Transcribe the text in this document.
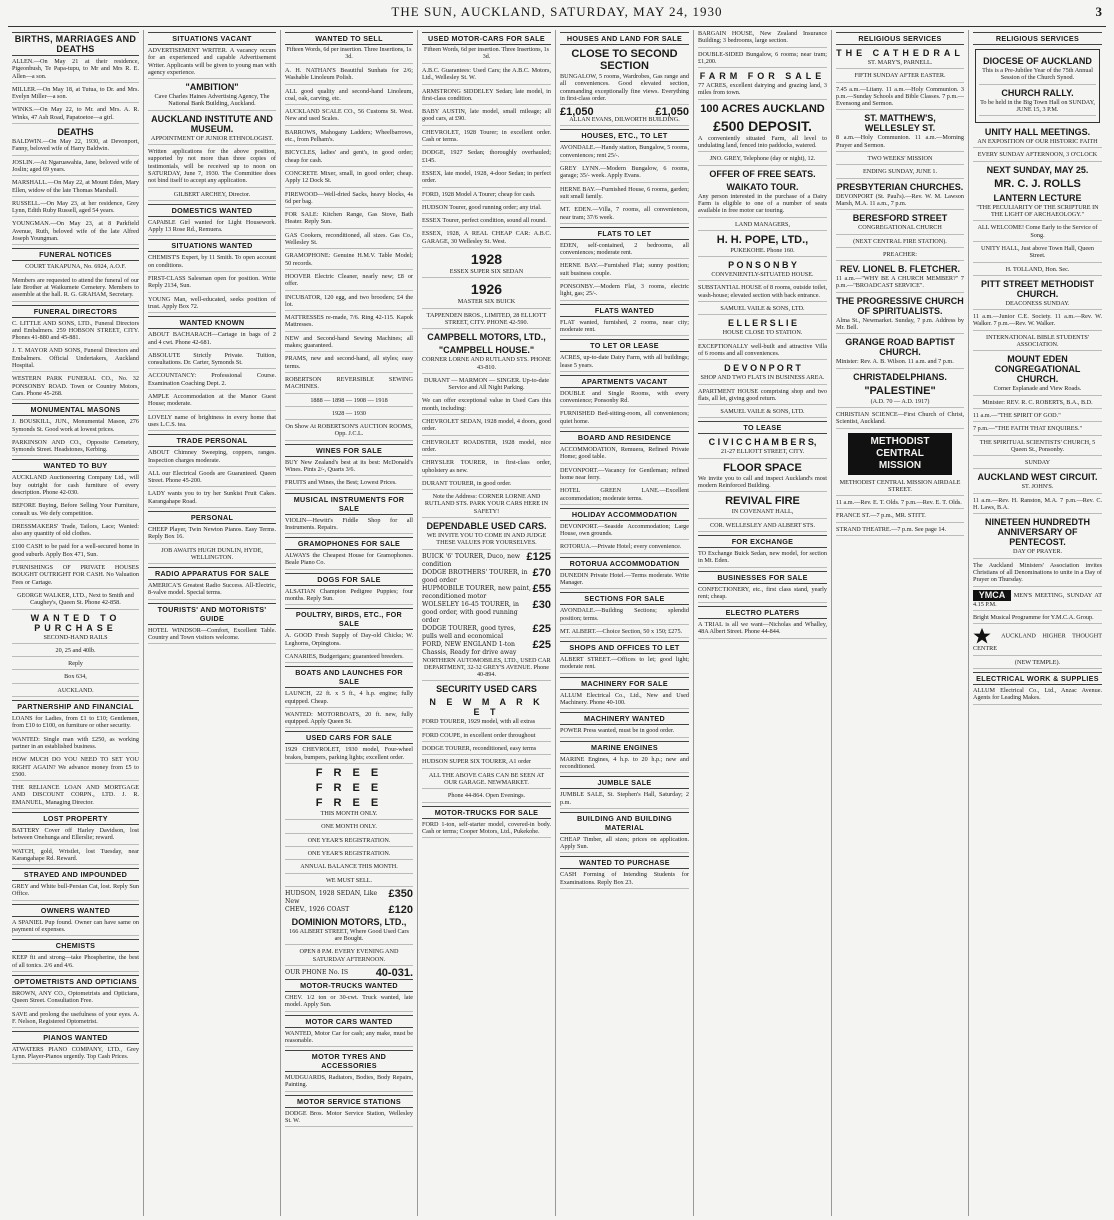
THE SUN, AUCKLAND, SATURDAY, MAY 24, 1930	3
BIRTHS, MARRIAGES AND DEATHS
ALLEN.—On May 21 at their residence, Pigeonbush, Te Papa-tupu, to Mr and Mrs R. E. Allen—a son.
MILLER.—On May 18, at Tutua, to Dr. and Mrs. Evelyn Miller—a son.
WINKS.—On May 22, to Mr. and Mrs. A. R. Winks, 47 Ash Road, Papatoetoe—a girl.
DEATHS
BALDWIN.—On May 22, 1930, at Devonport, Fanny, beloved wife of Harry Baldwin.
JOSLIN.—At Ngaruawahia, Jane, beloved wife of Joslin; aged 69 years.
MARSHALL.—On May 22, at Mount Eden, Mary Ellen, widow of the late Thomas Marshall.
RUSSELL.—On May 23, at her residence, Grey Lynn, Edith Ruby Russell, aged 54 years.
YOUNGMAN.—On May 23, at 8 Parkfield Avenue, Ruth, beloved wife of the late Alfred Joseph Youngman.
FUNERAL NOTICES
COURT TAKAPUNA, No. 6924, A.O.F.
Members are requested to attend the funeral of our late Brother at Waikumete Cemetery. Members to assemble at the hall. R. G. GRAHAM, Secretary.
FUNERAL DIRECTORS
C. LITTLE AND SONS, LTD., Funeral Directors and Embalmers. 259 HOBSON STREET, CITY. Phones 41-880 and 45-881.
J. T. MAYOR AND SONS, Funeral Directors and Embalmers. Official Undertakers, Auckland Hospital.
WESTERN PARK FUNERAL CO., No. 32 PONSONBY ROAD. Town or Country Motors, Cars. Phone 45-268.
MONUMENTAL MASONS
J. BOUSKILL, JUN., Monumental Mason, 276 Symonds St. Good work at lowest prices.
PARKINSON AND CO., Opposite Cemetery, Symonds Street. Headstones, Kerbing.
WANTED TO BUY
AUCKLAND Auctioneering Company Ltd., will buy outright for cash furniture of every description. Phone 42-030.
BEFORE Buying, Before Selling Your Furniture, consult us. We defy competition.
DRESSMAKERS' Trade, Tailors, Lace; Wanted: also any quantity of old clothes.
£100 CASH to be paid for a well-secured home in good suburb. Apply Box 471, Sun.
FURNISHINGS OF PRIVATE HOUSES BOUGHT OUTRIGHT FOR CASH. No Valuation Fees or Cartage.
GEORGE WALKER, LTD., Next to Smith and Caughey's, Queen St. Phone 42-858.
WANTED TO PURCHASE
SECOND-HAND RAILS
20, 25 and 40lb.
Reply
Box 634,
AUCKLAND.
PARTNERSHIP AND FINANCIAL
LOANS for Ladies, from £1 to £10; Gentlemen, from £10 to £100, on furniture or other security.
WANTED: Single man with £250, as working partner in an established business.
HOW MUCH DO YOU NEED TO SET YOU RIGHT AGAIN? We advance money from £5 to £500.
THE RELIANCE LOAN AND MORTGAGE AND DISCOUNT CORPN., LTD. J. R. EMANUEL, Managing Director.
LOST PROPERTY
BATTERY Cover off Harley Davidson, lost between Onehunga and Ellerslie; reward.
WATCH, gold, Wristlet, lost Tuesday, near Karangahape Rd. Reward.
STRAYED AND IMPOUNDED
GREY and White bull-Persian Cat, lost. Reply Sun Office.
OWNERS WANTED
A SPANIEL Pup found. Owner can have same on payment of expenses.
CHEMISTS
KEEP fit and strong—take Phospherine, the best of all tonics. 2/6 and 4/6.
OPTOMETRISTS AND OPTICIANS
BROWN, ANY CO., Optometrists and Opticians, Queen Street. Consultation Free.
SAVE and prolong the usefulness of your eyes. A. F. Nelson, Registered Optometrist.
PIANOS WANTED
ATWATERS PIANO COMPANY, LTD., Grey Lynn. Player-Pianos urgently. Top Cash Prices.
SITUATIONS VACANT
ADVERTISEMENT WRITER. A vacancy occurs for an experienced and capable Advertisement Writer. Applicants will be given to young man with agency experience.
"AMBITION"
Cave Charles Haines Advertising Agency, The National Bank Building, Auckland.
AUCKLAND INSTITUTE AND MUSEUM.
APPOINTMENT OF JUNIOR ETHNOLOGIST.
Written applications for the above position, supported by not more than three copies of testimonials, will be received up to noon on SATURDAY, June 7, 1930. The Committee does not bind itself to accept any application.
GILBERT ARCHEY, Director.
DOMESTICS WANTED
CAPABLE Girl wanted for Light Housework. Apply 13 Rose Rd., Remuera.
SITUATIONS WANTED
CHEMIST'S Expert, by 11 Smith. To open account on conditions.
FIRST-CLASS Salesman open for position. Write Reply 2134, Sun.
YOUNG Man, well-educated, seeks position of trust. Apply Box 72.
WANTED KNOWN
ABOUT BACHARACH—Cartage in bags of 2 and 4 cwt. Phone 42-681.
ABSOLUTE Strictly Private. Tuition, consultations. Dr. Carter, Symonds St.
ACCOUNTANCY: Professional Course. Examination Coaching Dept. 2.
AMPLE Accommodation at the Manor Guest House; moderate.
LOVELY name of brightness in every home that uses L.C.S. tea.
TRADE PERSONAL
ABOUT Chimney Sweeping, coppers, ranges. Inspection charges moderate.
ALL our Electrical Goods are Guaranteed. Queen Street. Phone 45-200.
LADY wants you to try her Sunkist Fruit Cakes. Karangahape Road.
PERSONAL
CHEEP Player, Twin Newton Pianos. Easy Terms. Reply Box 16.
JOB AWAITS HUGH DUNLIN, HYDE, WELLINGTON.
RADIO APPARATUS FOR SALE
AMERICA'S Greatest Radio Success. All-Electric, 8-valve model. Special terms.
TOURISTS' AND MOTORISTS' GUIDE
HOTEL WINDSOR—Comfort, Excellent Table. Country and Town visitors welcome.
WANTED TO SELL
Fifteen Words, 6d per insertion. Three Insertions, 1s 3d.
A. H. NATHAN'S Beautiful Sunhats for 2/6; Washable Linoleum Polish.
ALL good quality and second-hand Linoleum, coal, oak, carving, etc.
AUCKLAND SCALE CO., 56 Customs St. West. New and used Scales.
BARROWS, Mahogany Ladders; Wheelbarrows, etc., from Pelham's.
BICYCLES, ladies' and gent's, in good order; cheap for cash.
CONCRETE Mixer, small, in good order; cheap. Apply 12 Dock St.
FIREWOOD—Well-dried Sacks, heavy blocks, 4s 6d per bag.
FOR SALE: Kitchen Range, Gas Stove, Bath Heater. Reply Sun.
GAS Cookers, reconditioned, all sizes. Gas Co., Wellesley St.
GRAMOPHONE: Genuine H.M.V. Table Model; 50 records.
HOOVER Electric Cleaner, nearly new; £8 or offer.
INCUBATOR, 120 egg, and two brooders; £4 the lot.
MATTRESSES re-made, 7/6. Ring 42-115. Kapok Mattresses.
NEW and Second-hand Sewing Machines; all makes; guaranteed.
PRAMS, new and second-hand, all styles; easy terms.
ROBERTSON REVERSIBLE SEWING MACHINES.
1888 — 1898 — 1908 — 1918
1928 — 1930
On Show At ROBERTSON'S AUCTION ROOMS, Opp. J.C.L.
WINES FOR SALE
BUY New Zealand's best at its best: McDonald's Wines. Pints 2/-, Quarts 3/6.
FRUITS and Wines, the Best; Lowest Prices.
MUSICAL INSTRUMENTS FOR SALE
VIOLIN—Hewitt's Fiddle Shop for all Instruments. Repairs.
GRAMOPHONES FOR SALE
ALWAYS the Cheapest House for Gramophones. Beale Piano Co.
DOGS FOR SALE
ALSATIAN Champion Pedigree Puppies; four months. Reply Sun.
POULTRY, BIRDS, ETC., FOR SALE
A. GOOD Fresh Supply of Day-old Chicks; W. Leghorns, Orpingtons.
CANARIES, Budgerigars; guaranteed breeders.
BOATS AND LAUNCHES FOR SALE
LAUNCH, 22 ft. x 5 ft., 4 h.p. engine; fully equipped. Cheap.
WANTED: MOTORBOATS, 20 ft. new, fully equipped. Apply Queen St.
USED CARS FOR SALE
1929 CHEVROLET, 1930 model, Four-wheel brakes, bumpers, parking lights; excellent order.
F R E E
F R E E
F R E E
THIS MONTH ONLY.
ONE MONTH ONLY.
ONE YEAR'S REGISTRATION.
ONE YEAR'S REGISTRATION.
ANNUAL BALANCE THIS MONTH.
WE MUST SELL.
HUDSON, 1928 SEDAN, Like New
£350
CHEV., 1926 COAST	£120
DOMINION MOTORS, LTD.,
166 ALBERT STREET, Where Good Used Cars are Bought.
OPEN 8 P.M. EVERY EVENING AND SATURDAY AFTERNOON.
OUR PHONE No. IS	40-031.
MOTOR-TRUCKS WANTED
CHEV. 1/2 ton or 30-cwt. Truck wanted, late model. Apply Sun.
MOTOR CARS WANTED
WANTED, Motor Car for cash; any make, must be reasonable.
MOTOR TYRES AND ACCESSORIES
MUDGUARDS, Radiators, Bodies, Body Repairs, Painting.
MOTOR SERVICE STATIONS
DODGE Bros. Motor Service Station, Wellesley St. W.
USED MOTOR-CARS FOR SALE
Fifteen Words, 6d per insertion. Three Insertions, 1s 3d.
A.B.C. Guarantees: Used Cars; the A.B.C. Motors, Ltd., Wellesley St. W.
ARMSTRONG SIDDELEY Sedan; late model, in first-class condition.
BABY AUSTIN, late model, small mileage; all good cars, at £90.
CHEVROLET, 1928 Tourer; in excellent order. Cash or terms.
DODGE, 1927 Sedan; thoroughly overhauled; £145.
ESSEX, late model, 1928, 4-door Sedan; in perfect order.
FORD, 1928 Model A Tourer; cheap for cash.
HUDSON Tourer, good running order; any trial.
ESSEX Tourer, perfect condition, sound all round.
ESSEX, 1928, A REAL CHEAP CAR: A.B.C. GARAGE, 30 Wellesley St. West.
1928
ESSEX SUPER SIX SEDAN
1926
MASTER SIX BUICK
TAPPENDEN BROS., LIMITED, 28 ELLIOTT STREET, CITY. PHONE 42-590.
CAMPBELL MOTORS, LTD.,
"CAMPBELL HOUSE."
CORNER LORNE AND RUTLAND STS. PHONE 43-810.
DURANT — MARMON — SINGER. Up-to-date Service and All Night Parking.
We can offer exceptional value in Used Cars this month, including:
CHEVROLET SEDAN, 1928 model, 4 doors, good order.
CHEVROLET ROADSTER, 1928 model, nice order.
CHRYSLER TOURER, in first-class order, upholstery as new.
DURANT TOURER, in good order.
Note the Address: CORNER LORNE AND RUTLAND STS. PARK YOUR CARS HERE IN SAFETY!
DEPENDABLE USED CARS.
WE INVITE YOU TO COME IN AND JUDGE THESE VALUES FOR YOURSELVES.
BUICK '6' TOURER, Duco, new condition
£125
DODGE BROTHERS' TOURER, in good order
£70
HUPMOBILE TOURER, new paint, reconditioned motor
£55
WOLSELEY 16-45 TOURER, in good order, with good running order
£30
DODGE TOURER, good tyres, pulls well and economical
£25
FORD, NEW ENGLAND 1-ton Chassis, Ready for drive away
£25
NORTHERN AUTOMOBILES, LTD., USED CAR DEPARTMENT, 32-32 GREY'S AVENUE. Phone 40-894.
SECURITY USED CARS
N E W M A R K E T
FORD TOURER, 1929 model, with all extras
FORD COUPE, in excellent order throughout
DODGE TOURER, reconditioned, easy terms
HUDSON SUPER SIX TOURER, A1 order
ALL THE ABOVE CARS CAN BE SEEN AT OUR GARAGE. NEWMARKET.
Phone 44-864. Open Evenings.
MOTOR-TRUCKS FOR SALE
FORD 1-ton, self-starter model, covered-in body. Cash or terms; Cooper Motors, Ltd., Pukekohe.
HOUSES AND LAND FOR SALE
CLOSE TO SECOND SECTION
BUNGALOW, 5 rooms, Wardrobes, Gas range and all conveniences. Good elevated section, commanding exceptionally fine views. Everything in first-class order.
£1,050	£1,050
ALLAN EVANS, DILWORTH BUILDING.
HOUSES, ETC., TO LET
AVONDALE.—Handy station, Bungalow, 5 rooms, conveniences; rent 25/-.
GREY LYNN.—Modern Bungalow, 6 rooms, garage; 35/- week. Apply Evans.
HERNE BAY.—Furnished House, 6 rooms, garden; suit small family.
MT. EDEN.—Villa, 7 rooms, all conveniences, near tram; 37/6 week.
FLATS TO LET
EDEN, self-contained, 2 bedrooms, all conveniences; moderate rent.
HERNE BAY.—Furnished Flat; sunny position; suit business couple.
PONSONBY.—Modern Flat, 3 rooms, electric light, gas; 25/-.
FLATS WANTED
FLAT wanted, furnished, 2 rooms, near city; moderate rent.
TO LET OR LEASE
ACRES, up-to-date Dairy Farm, with all buildings; lease 5 years.
APARTMENTS VACANT
DOUBLE and Single Rooms, with every convenience; Ponsonby Rd.
FURNISHED Bed-sitting-room, all conveniences; quiet home.
BOARD AND RESIDENCE
ACCOMMODATION, Remuera, Refined Private Home; good table.
DEVONPORT.—Vacancy for Gentleman; refined home near ferry.
HOTEL GREEN LANE.—Excellent accommodation; moderate terms.
HOLIDAY ACCOMMODATION
DEVONPORT.—Seaside Accommodation; Large House, own grounds.
ROTORUA.—Private Hotel; every convenience.
ROTORUA ACCOMMODATION
DUNEDIN Private Hotel.—Terms moderate. Write Manager.
SECTIONS FOR SALE
AVONDALE.—Building Sections; splendid position; terms.
MT. ALBERT.—Choice Section, 50 x 150; £275.
SHOPS AND OFFICES TO LET
ALBERT STREET.—Offices to let; good light; moderate rent.
MACHINERY FOR SALE
ALLUM Electrical Co., Ltd., New and Used Machinery. Phone 40-100.
MACHINERY WANTED
POWER Press wanted, must be in good order.
MARINE ENGINES
MARINE Engines, 4 h.p. to 20 h.p.; new and reconditioned.
JUMBLE SALE
JUMBLE SALE, St. Stephen's Hall, Saturday; 2 p.m.
BUILDING AND BUILDING MATERIAL
CHEAP Timber, all sizes; prices on application. Apply Sun.
WANTED TO PURCHASE
CASH Forming of Intending Students for Examinations. Reply Box 23.
BARGAIN HOUSE, New Zealand Insurance Building; 3 bedrooms, large section.
DOUBLE-SIDED Bungalow, 6 rooms; near tram; £1,200.
FARM FOR SALE
77 ACRES, excellent dairying and grazing land, 3 miles from town.
100 ACRES AUCKLAND
£500 DEPOSIT.
A conveniently situated Farm, all level to undulating land, fenced into paddocks, watered.
JNO. GREY, Telephone (day or night), 12.
OFFER OF FREE SEATS.
WAIKATO TOUR.
Any person interested in the purchase of a Dairy Farm is eligible to one of a number of seats available in free motor car touring.
LAND MANAGERS,
H. H. POPE, LTD.,
PUKEKOHE. Phone 160.
P O N S O N B Y
CONVENIENTLY-SITUATED HOUSE.
SUBSTANTIAL HOUSE of 8 rooms, outside toilet, wash-house; elevated section with back entrance.
SAMUEL VAILE & SONS, LTD.
E L L E R S L I E
HOUSE CLOSE TO STATION.
EXCEPTIONALLY well-built and attractive Villa of 6 rooms and all conveniences.
D E V O N P O R T
SHOP AND TWO FLATS IN BUSINESS AREA.
APARTMENT HOUSE comprising shop and two flats, all let, giving good return.
SAMUEL VAILE & SONS, LTD.
TO LEASE
C I V I C C H A M B E R S,
21-27 ELLIOTT STREET, CITY.
FLOOR SPACE
We invite you to call and inspect Auckland's most modern Reinforced Building.
REVIVAL FIRE
IN COVENANT HALL,
COR. WELLESLEY AND ALBERT STS.
FOR EXCHANGE
TO Exchange Buick Sedan, new model, for section in Mt. Eden.
BUSINESSES FOR SALE
CONFECTIONERY, etc., first class stand, yearly rent; cheap.
ELECTRO PLATERS
A TRIAL is all we want—Nicholas and Whalley, 48A Albert Street. Phone 44-844.
RELIGIOUS SERVICES
THE CATHEDRAL
ST. MARY'S, PARNELL.
FIFTH SUNDAY AFTER EASTER.
7.45 a.m.—Litany. 11 a.m.—Holy Communion. 3 p.m.—Sunday Schools and Bible Classes. 7 p.m.—Evensong and Sermon.
ST. MATTHEW'S, WELLESLEY ST.
8 a.m.—Holy Communion. 11 a.m.—Morning Prayer and Sermon.
TWO WEEKS' MISSION
ENDING SUNDAY, JUNE 1.
PRESBYTERIAN CHURCHES.
DEVONPORT (St. Paul's).—Rev. W. M. Lawson Marsh, M.A. 11 a.m., 7 p.m.
BERESFORD STREET
CONGREGATIONAL CHURCH
(NEXT CENTRAL FIRE STATION).
PREACHER:
REV. LIONEL B. FLETCHER.
11 a.m.—"WHY BE A CHURCH MEMBER?" 7 p.m.—"BROADCAST SERVICE".
THE PROGRESSIVE CHURCH OF SPIRITUALISTS.
Alma St., Newmarket. Sunday, 7 p.m. Address by Mr. Bell.
GRANGE ROAD BAPTIST CHURCH.
Minister: Rev. A. B. Wilson. 11 a.m. and 7 p.m.
CHRISTADELPHIANS.
"PALESTINE"
(A.D. 70 — A.D. 1917)
CHRISTIAN SCIENCE—First Church of Christ, Scientist, Auckland.
METHODIST
CENTRAL
MISSION
METHODIST CENTRAL MISSION AIRDALE STREET.
11 a.m.—Rev. E. T. Olds. 7 p.m.—Rev. E. T. Olds.
FRANCE ST.—7 p.m., MR. STITT.
STRAND THEATRE.—7 p.m. See page 14.
RELIGIOUS SERVICES
DIOCESE OF AUCKLAND
This is a Pre-Jubilee Year of the 75th Annual Session of the Church Synod.
CHURCH RALLY.
To be held in the Big Town Hall on SUNDAY, JUNE 15, 3 P.M.
UNITY HALL MEETINGS.
AN EXPOSITION OF OUR HISTORIC FAITH
EVERY SUNDAY AFTERNOON, 3 O'CLOCK
NEXT SUNDAY, MAY 25.
MR. C. J. ROLLS
LANTERN LECTURE
"THE PECULIARITY OF THE SCRIPTURE IN THE LIGHT OF ARCHAEOLOGY."
ALL WELCOME! Come Early to the Service of Song.
UNITY HALL, Just above Town Hall, Queen Street.
H. TOLLAND, Hon. Sec.
PITT STREET METHODIST CHURCH.
DEACONESS SUNDAY.
11 a.m.—Junior C.E. Society. 11 a.m.—Rev. W. Walker. 7 p.m.—Rev. W. Walker.
INTERNATIONAL BIBLE STUDENTS' ASSOCIATION.
MOUNT EDEN CONGREGATIONAL CHURCH.
Corner Esplanade and View Roads.
Minister: REV. R. C. ROBERTS, B.A., B.D.
11 a.m.—"THE SPIRIT OF GOD."
7 p.m.—"THE FAITH THAT ENQUIRES."
THE SPIRITUAL SCIENTISTS' CHURCH, 5 Queen St., Ponsonby.
SUNDAY
AUCKLAND WEST CIRCUIT.
ST. JOHN'S.
11 a.m.—Rev. H. Ranston, M.A. 7 p.m.—Rev. C. H. Laws, B.A.
NINETEEN HUNDREDTH ANNIVERSARY OF PENTECOST.
DAY OF PRAYER.
The Auckland Ministers' Association invites Christians of all Denominations to unite in a Day of Prayer on Thursday.
YMCA MEN'S MEETING, SUNDAY AT 4.15 P.M.
Bright Musical Programme for Y.M.C.A. Group.
AUCKLAND HIGHER THOUGHT CENTRE
(NEW TEMPLE).
ELECTRICAL WORK & SUPPLIES
ALLUM Electrical Co., Ltd., Anzac Avenue. Agents for Leading Makes.
